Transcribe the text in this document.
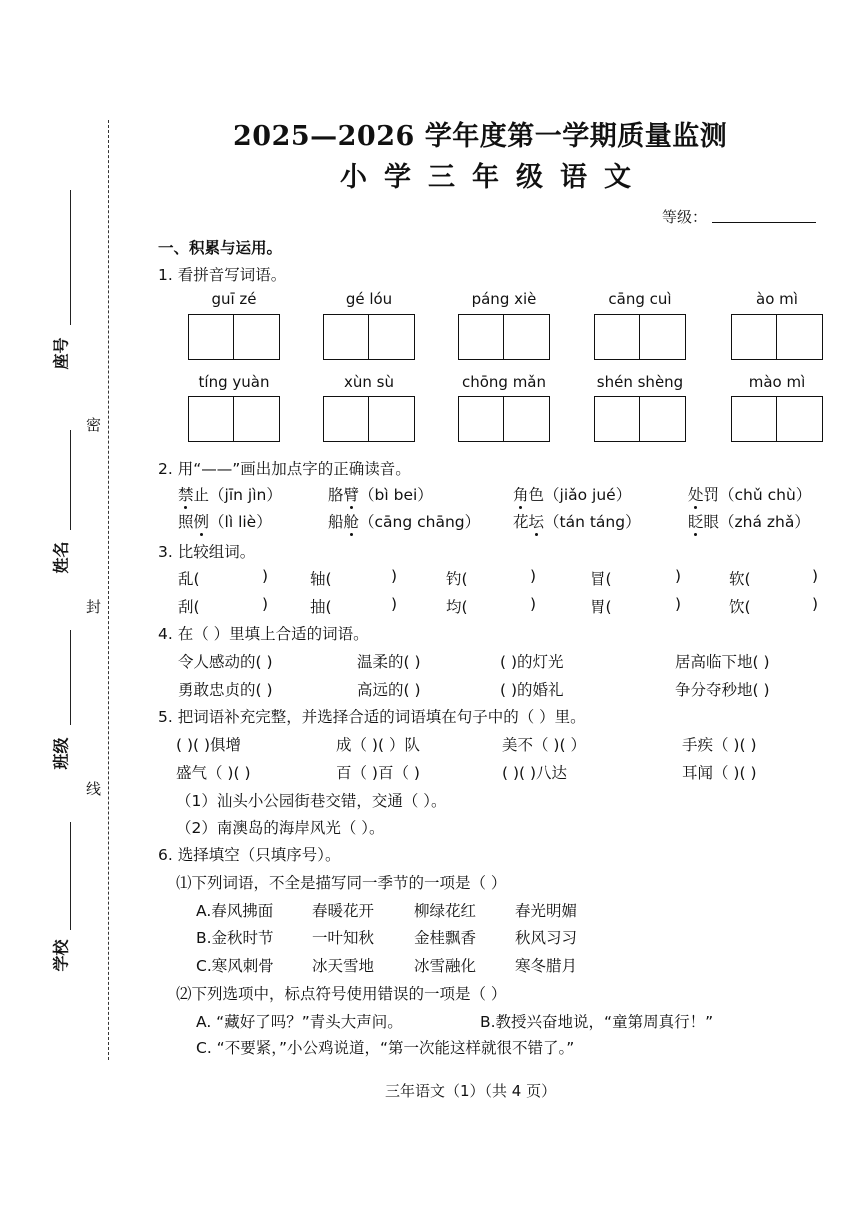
密
封
线
座号
姓名
班级
学校
2025—2026 学年度第一学期质量监测
小学三年级语文
等级：
一、积累与运用。
1. 看拼音写词语。
guī zé	gé lóu	páng xiè	cāng cuì	ào mì
tíng yuàn	xùn sù	chōng mǎn	shén shèng	mào mì
2. 用“——”画出加点字的正确读音。
禁止（jīn jìn）	胳臂（bì bei）	角色（jiǎo jué）	处罚（chǔ chù）
照例（lì liè）	船舱（cāng chāng） 花坛（tán táng）	眨眼（zhá zhǎ）
3. 比较组词。
乱(	)	轴(	)	钓(	)	冒(	)	软(	)
刮(	)	抽(	)	均(	)	胃(	)	饮(	)
4. 在（ ）里填上合适的词语。
令人感动的( )	温柔的( )	( )的灯光	居高临下地( )
勇敢忠贞的( )	高远的( )	( )的婚礼	争分夺秒地( )
5. 把词语补充完整，并选择合适的词语填在句子中的（ ）里。
( )( )俱增	成（ )( ）队	美不（ )( ）	手疾（ )( )
盛气（ )( )	百（ )百（ )	( )( )八达	耳闻（ )( )
（1）汕头小公园街巷交错，交通（ ）。
（2）南澳岛的海岸风光（ ）。
6. 选择填空（只填序号）。
⑴下列词语，不全是描写同一季节的一项是（ ）
A.春风拂面 春暖花开	柳绿花红	春光明媚
B.金秋时节 一叶知秋	金桂飘香	秋风习习
C.寒风刺骨 冰天雪地	冰雪融化	寒冬腊月
⑵下列选项中，标点符号使用错误的一项是（ ）
A. “藏好了吗？”青头大声问。	B.教授兴奋地说，“童第周真行！”
C. “不要紧，”小公鸡说道，“第一次能这样就很不错了。”
三年语文（1）（共 4 页）
